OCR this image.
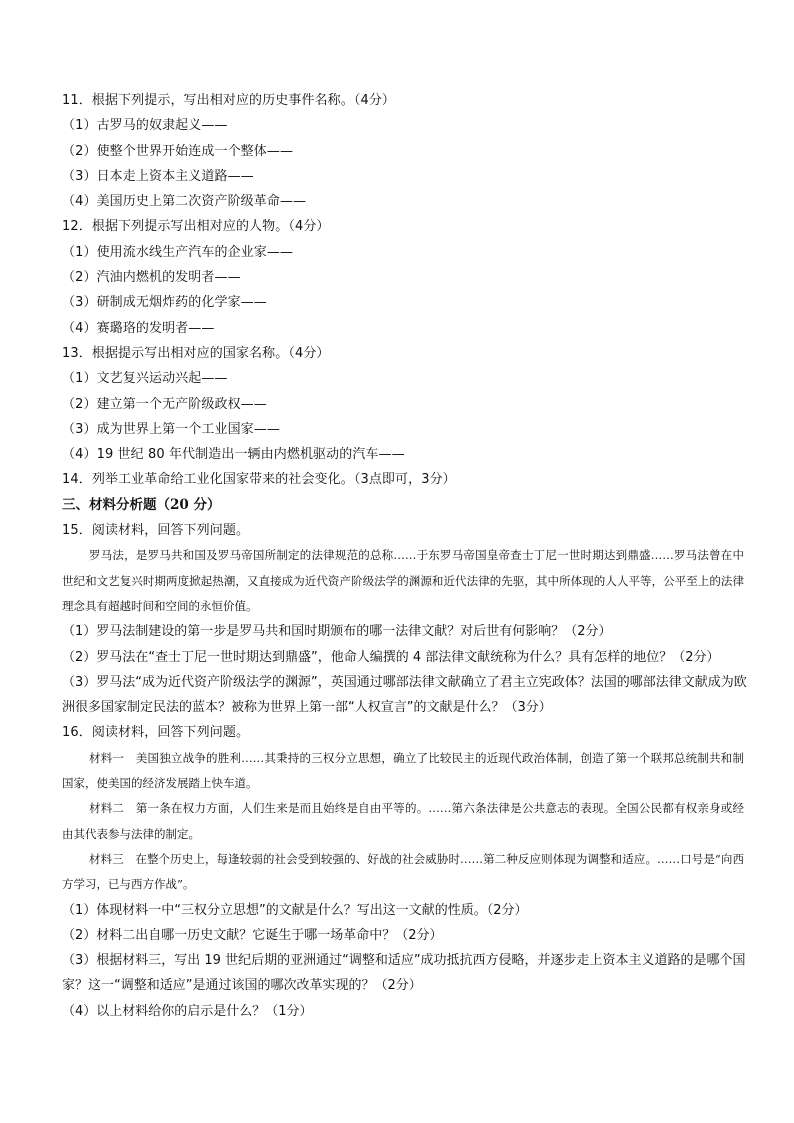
11．根据下列提示，写出相对应的历史事件名称。（4分）
（1）古罗马的奴隶起义——
（2）使整个世界开始连成一个整体——
（3）日本走上资本主义道路——
（4）美国历史上第二次资产阶级革命——
12．根据下列提示写出相对应的人物。（4分）
（1）使用流水线生产汽车的企业家——
（2）汽油内燃机的发明者——
（3）研制成无烟炸药的化学家——
（4）赛璐珞的发明者——
13．根据提示写出相对应的国家名称。（4分）
（1）文艺复兴运动兴起——
（2）建立第一个无产阶级政权——
（3）成为世界上第一个工业国家——
（4）19 世纪 80 年代制造出一辆由内燃机驱动的汽车——
14．列举工业革命给工业化国家带来的社会变化。（3点即可，3分）
三、材料分析题（20 分）
15．阅读材料，回答下列问题。
罗马法，是罗马共和国及罗马帝国所制定的法律规范的总称……于东罗马帝国皇帝查士丁尼一世时期达到鼎盛……罗马法曾在中世纪和文艺复兴时期两度掀起热潮，又直接成为近代资产阶级法学的渊源和近代法律的先驱，其中所体现的人人平等，公平至上的法律理念具有超越时间和空间的永恒价值。
（1）罗马法制建设的第一步是罗马共和国时期颁布的哪一法律文献？对后世有何影响？（2分）
（2）罗马法在“查士丁尼一世时期达到鼎盛”，他命人编撰的 4 部法律文献统称为什么？具有怎样的地位？（2分）
（3）罗马法“成为近代资产阶级法学的渊源”，英国通过哪部法律文献确立了君主立宪政体？法国的哪部法律文献成为欧洲很多国家制定民法的蓝本？被称为世界上第一部“人权宣言”的文献是什么？（3分）
16．阅读材料，回答下列问题。
材料一　美国独立战争的胜利……其秉持的三权分立思想，确立了比较民主的近现代政治体制，创造了第一个联邦总统制共和制国家，使美国的经济发展踏上快车道。
材料二　第一条在权力方面，人们生来是而且始终是自由平等的。……第六条法律是公共意志的表现。全国公民都有权亲身或经由其代表参与法律的制定。
材料三　在整个历史上，每逢较弱的社会受到较强的、好战的社会威胁时……第二种反应则体现为调整和适应。……口号是“向西方学习，已与西方作战”。
（1）体现材料一中“三权分立思想”的文献是什么？写出这一文献的性质。（2分）
（2）材料二出自哪一历史文献？它诞生于哪一场革命中？（2分）
（3）根据材料三，写出 19 世纪后期的亚洲通过“调整和适应”成功抵抗西方侵略，并逐步走上资本主义道路的是哪个国家？这一“调整和适应”是通过该国的哪次改革实现的？（2分）
（4）以上材料给你的启示是什么？（1分）
